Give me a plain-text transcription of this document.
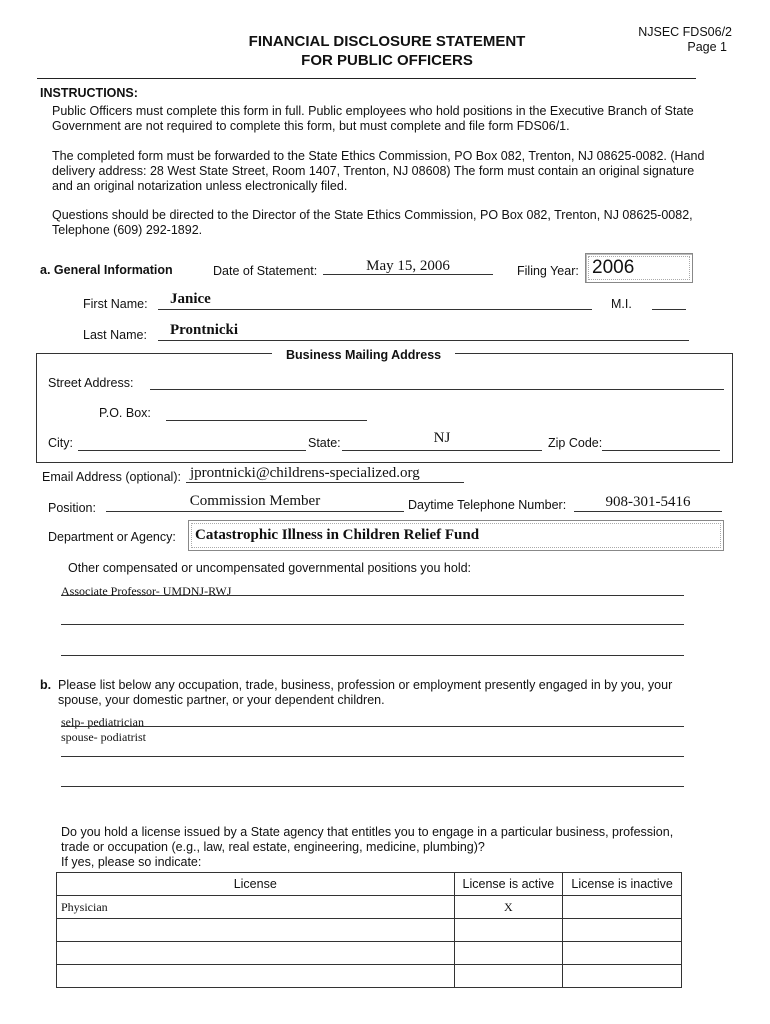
NJSEC FDS06/2
Page 1
FINANCIAL DISCLOSURE STATEMENT
FOR PUBLIC OFFICERS
INSTRUCTIONS:
Public Officers must complete this form in full. Public employees who hold positions in the Executive Branch of State
Government are not required to complete this form, but must complete and file form FDS06/1.
The completed form must be forwarded to the State Ethics Commission, PO Box 082, Trenton, NJ 08625-0082. (Hand
delivery address: 28 West State Street, Room 1407, Trenton, NJ 08608) The form must contain an original signature
and an original notarization unless electronically filed.
Questions should be directed to the Director of the State Ethics Commission, PO Box 082, Trenton, NJ 08625-0082,
Telephone (609) 292-1892.
a. General Information	Date of Statement:	May 15, 2006	Filing Year: 2006
First Name: Janice	M.I.
Last Name: Prontnicki
Business Mailing Address
Street Address:
P.O. Box:
City:	State:	NJ	Zip Code:
Email Address (optional): jprontnicki@childrens-specialized.org
Position:	Commission Member	Daytime Telephone Number:	908-301-5416
Department or Agency: Catastrophic Illness in Children Relief Fund
Other compensated or uncompensated governmental positions you hold:
Associate Professor- UMDNJ-RWJ
b. Please list below any occupation, trade, business, profession or employment presently engaged in by you, your
spouse, your domestic partner, or your dependent children.
selp- pediatrician
spouse- podiatrist
Do you hold a license issued by a State agency that entitles you to engage in a particular business, profession,
trade or occupation (e.g., law, real estate, engineering, medicine, plumbing)?
If yes, please so indicate:
License	License is active	License is inactive
Physician	X	
